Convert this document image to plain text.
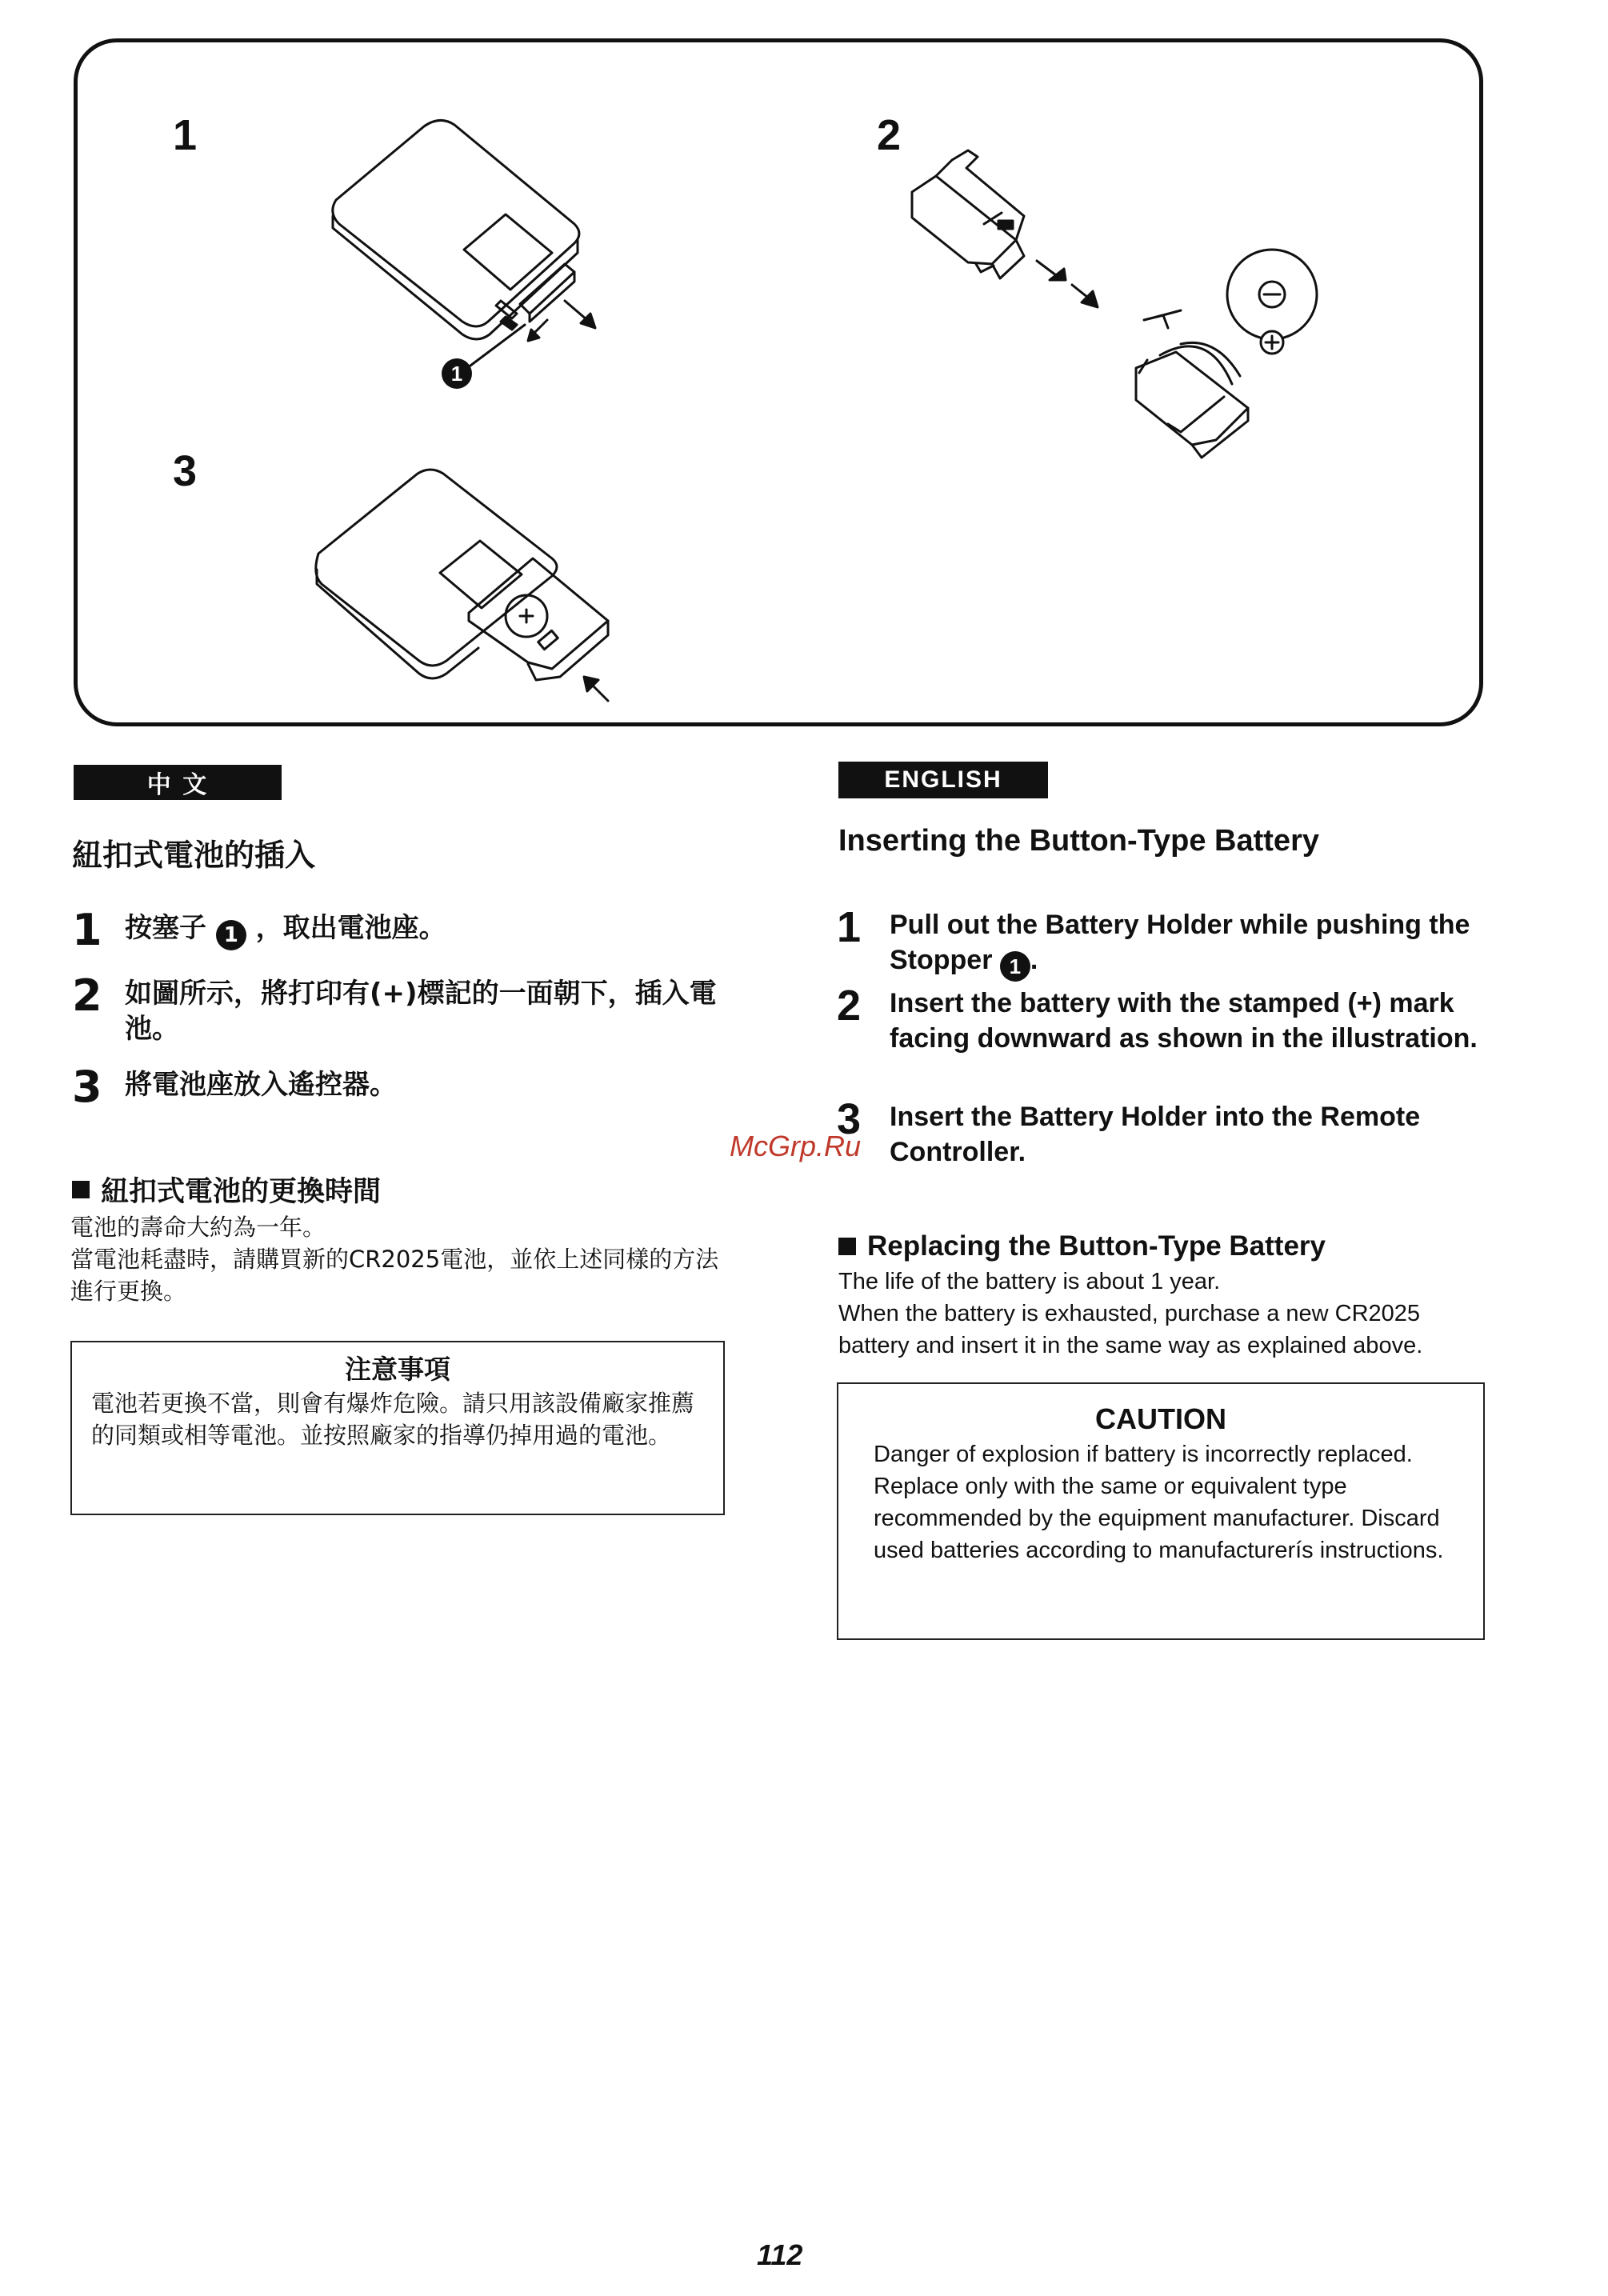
1	2
3
1
中 文
紐扣式電池的插入
1 按塞子 1 ，取出電池座。
2 如圖所示，將打印有(+)標記的一面朝下，插入電池。
3 將電池座放入遙控器。
紐扣式電池的更換時間
電池的壽命大約為一年。
當電池耗盡時，請購買新的CR2025電池，並依上述同樣的方法進行更換。
注意事項
電池若更換不當，則會有爆炸危險。請只用該設備廠家推薦的同類或相等電池。並按照廠家的指導仍掉用過的電池。
ENGLISH
Inserting the Button-Type Battery
1	Pull out the Battery Holder while pushing the Stopper 1 .
2	Insert the battery with the stamped (+) mark facing downward as shown in the illustration.
3	Insert the Battery Holder into the Remote Controller.
McGrp.Ru
Replacing the Button-Type Battery
The life of the battery is about 1 year.
When the battery is exhausted, purchase a new CR2025 battery and insert it in the same way as explained above.
CAUTION
Danger of explosion if battery is incorrectly replaced. Replace only with the same or equivalent type recommended by the equipment manufacturer. Discard used batteries according to manufacturerís instructions.
112
